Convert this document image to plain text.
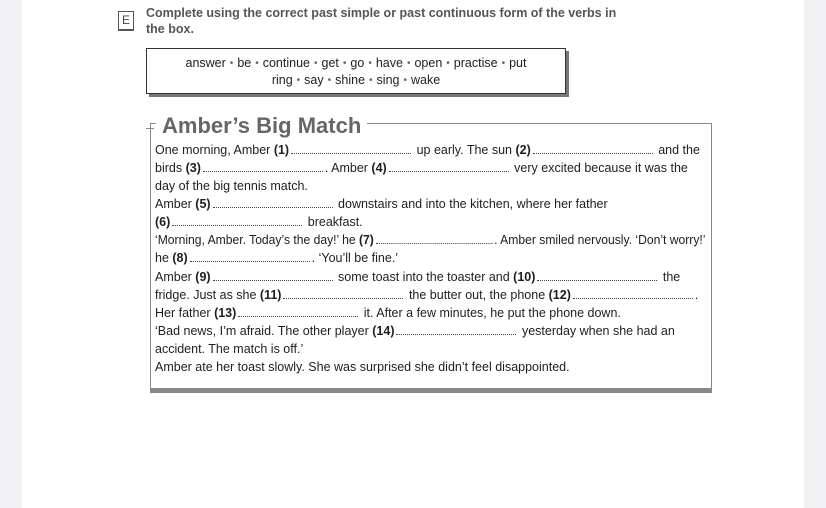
E	Complete using the correct past simple or past continuous form of the verbs in the box.
answer • be • continue • get • go • have • open • practise • put
ring • say • shine • sing • wake
Amber’s Big Match
One morning, Amber (1)	up early. The sun (2)	and the
birds (3)	. Amber (4)	very excited because it was the
day of the big tennis match.
Amber (5)	downstairs and into the kitchen, where her father
(6)	breakfast.
‘Morning, Amber. Today’s the day!’ he (7)	. Amber smiled nervously. ‘Don’t worry!’
he (8)	. ‘You’ll be fine.’
Amber (9)	some toast into the toaster and (10)	the
fridge. Just as she (11)	the butter out, the phone (12)	.
Her father (13)	it. After a few minutes, he put the phone down.
‘Bad news, I’m afraid. The other player (14)	yesterday when she had an
accident. The match is off.’
Amber ate her toast slowly. She was surprised she didn’t feel disappointed.
